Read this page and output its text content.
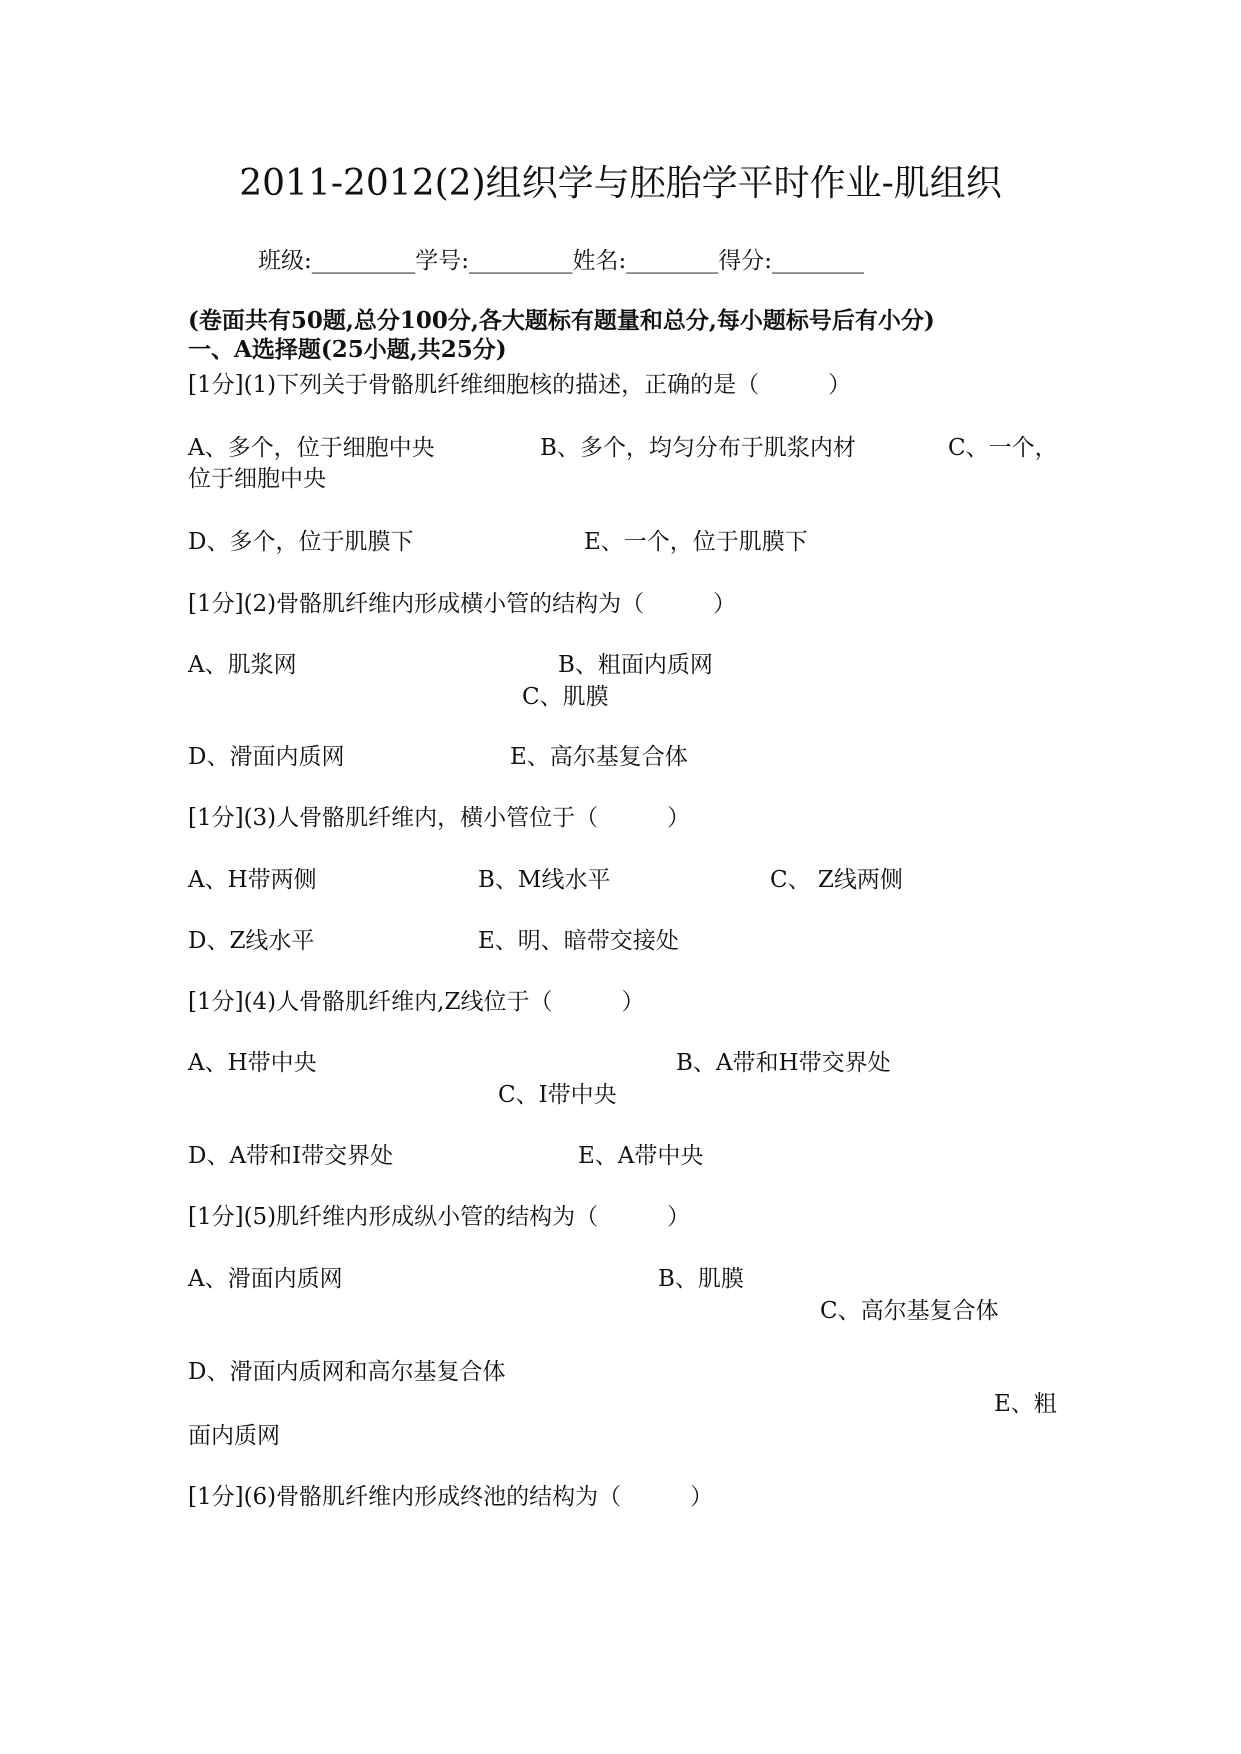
2011-2012(2)组织学与胚胎学平时作业-肌组织
班级:_________学号:_________姓名:________得分:________
(卷面共有50题,总分100分,各大题标有题量和总分,每小题标号后有小分)
一、A选择题(25小题,共25分)
[1分](1)下列关于骨骼肌纤维细胞核的描述，正确的是（　　　）
A、多个，位于细胞中央	B、多个，均匀分布于肌浆内材	C、一个，
位于细胞中央
D、多个，位于肌膜下	E、一个，位于肌膜下
[1分](2)骨骼肌纤维内形成横小管的结构为（　　　）
A、肌浆网	B、粗面内质网
C、肌膜
D、滑面内质网	E、高尔基复合体
[1分](3)人骨骼肌纤维内，横小管位于（　　　）
A、H带两侧	B、M线水平	C、 Z线两侧
D、Z线水平	E、明、暗带交接处
[1分](4)人骨骼肌纤维内,Z线位于（　　　）
A、H带中央	B、A带和H带交界处
C、I带中央
D、A带和I带交界处	E、A带中央
[1分](5)肌纤维内形成纵小管的结构为（　　　）
A、滑面内质网	B、肌膜
C、高尔基复合体
D、滑面内质网和高尔基复合体
E、粗
面内质网
[1分](6)骨骼肌纤维内形成终池的结构为（　　　）
